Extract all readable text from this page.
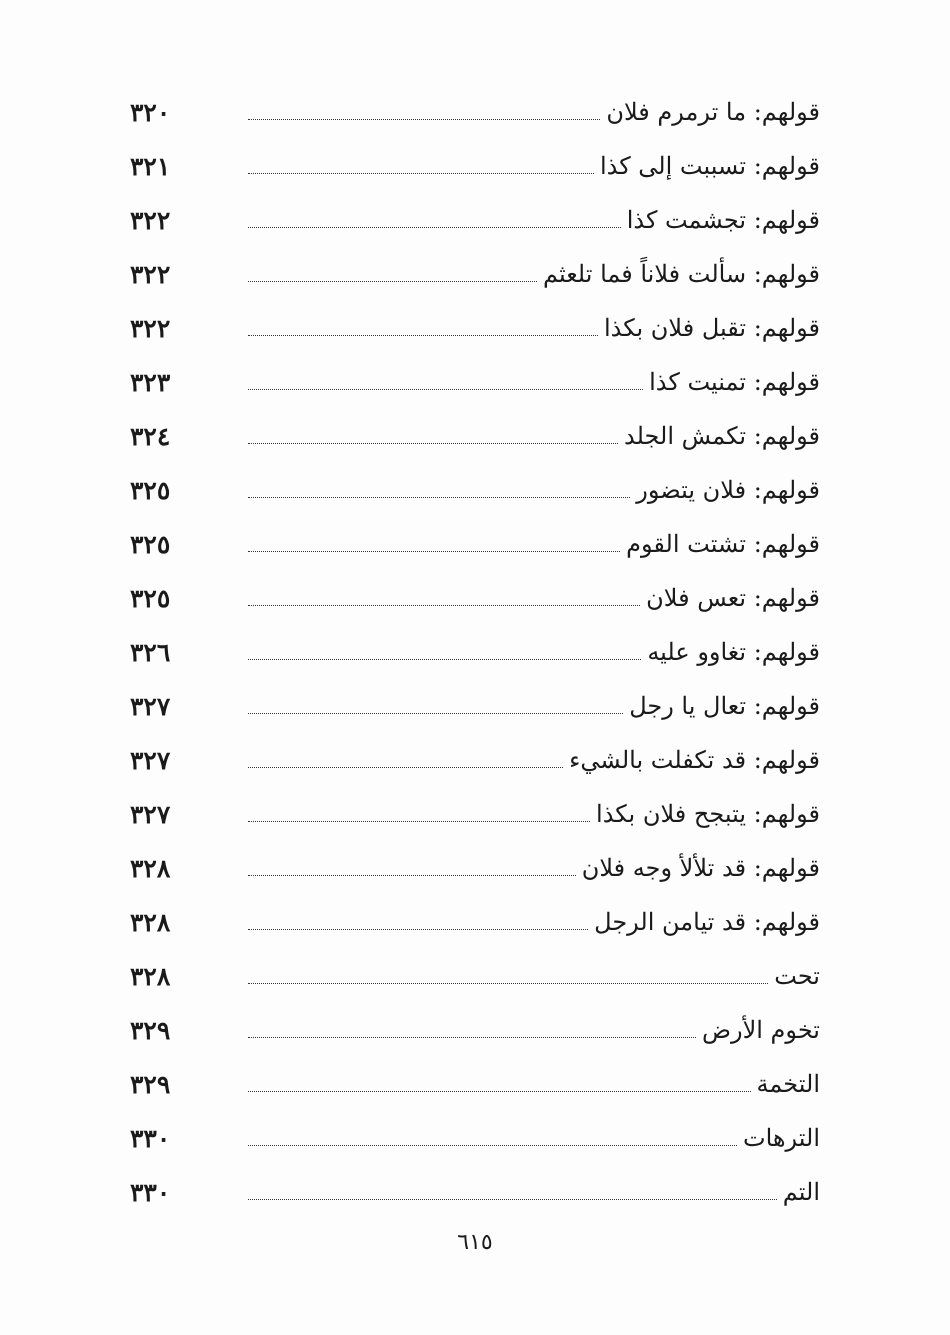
قولهم: ما ترمرم فلان
٣٢٠
قولهم: تسببت إلى كذا
٣٢١
قولهم: تجشمت كذا
٣٢٢
قولهم: سألت فلاناً فما تلعثم
٣٢٢
قولهم: تقبل فلان بكذا
٣٢٢
قولهم: تمنيت كذا
٣٢٣
قولهم: تكمش الجلد
٣٢٤
قولهم: فلان يتضور
٣٢٥
قولهم: تشتت القوم
٣٢٥
قولهم: تعس فلان
٣٢٥
قولهم: تغاوو عليه
٣٢٦
قولهم: تعال يا رجل
٣٢٧
قولهم: قد تكفلت بالشيء
٣٢٧
قولهم: يتبجح فلان بكذا
٣٢٧
قولهم: قد تلألأ وجه فلان
٣٢٨
قولهم: قد تيامن الرجل
٣٢٨
تحت
٣٢٨
تخوم الأرض
٣٢٩
التخمة
٣٢٩
الترهات
٣٣٠
التم
٣٣٠
٦١٥
